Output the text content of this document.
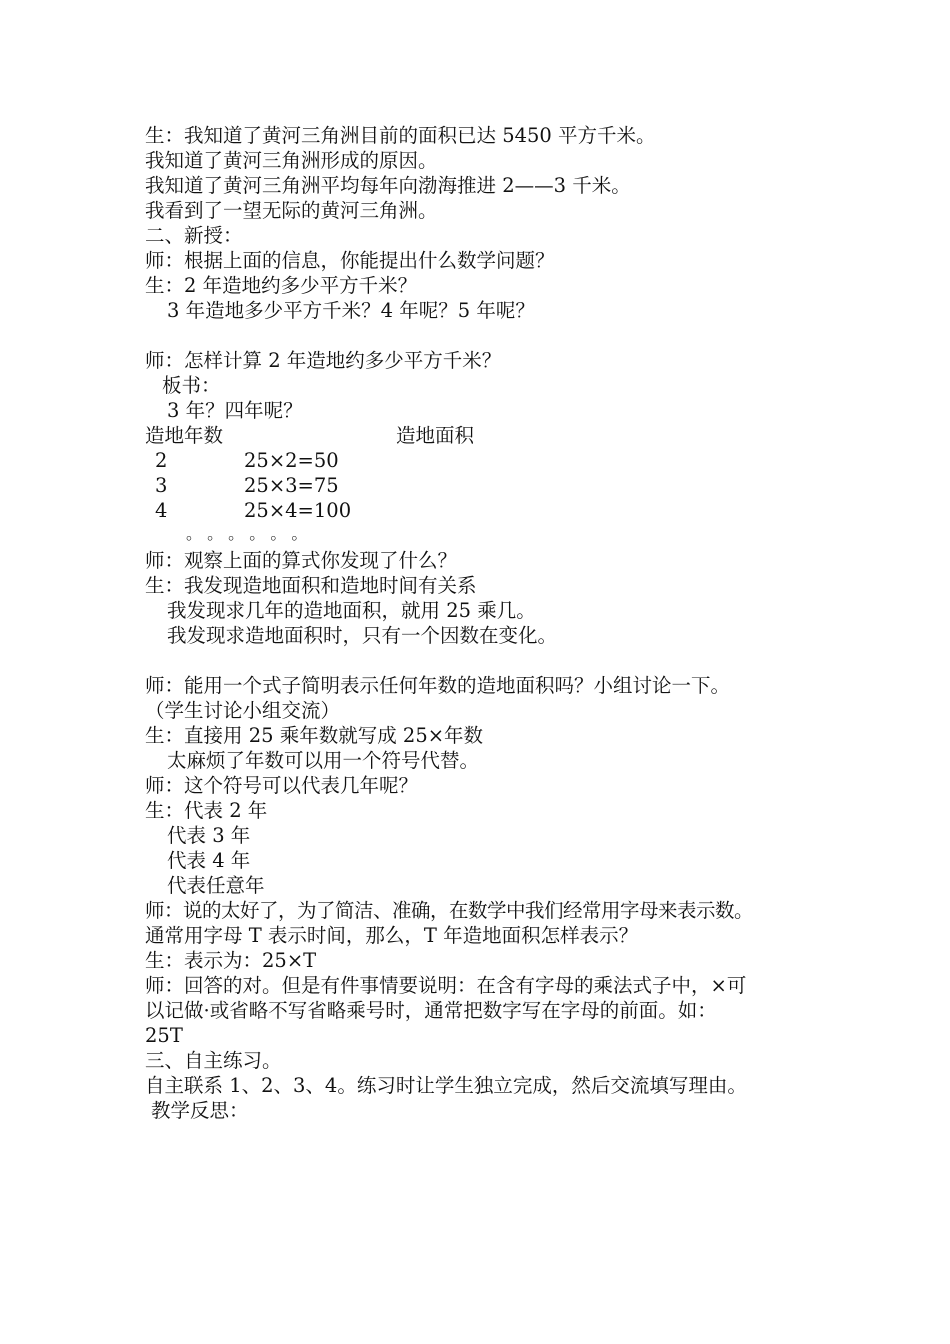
生：我知道了黄河三角洲目前的面积已达 5450 平方千米。
我知道了黄河三角洲形成的原因。
我知道了黄河三角洲平均每年向渤海推进 2——3 千米。
我看到了一望无际的黄河三角洲。
二、新授：
师：根据上面的信息，你能提出什么数学问题？
生：2 年造地约多少平方千米？
3 年造地多少平方千米？4 年呢？5 年呢？
师：怎样计算 2 年造地约多少平方千米？
板书：
3 年？四年呢？
造地年数	造地面积
2	25×2=50
3	25×3=75
4	25×4=100
。 。 。 。 。 。
师：观察上面的算式你发现了什么？
生：我发现造地面积和造地时间有关系
我发现求几年的造地面积，就用 25 乘几。
我发现求造地面积时，只有一个因数在变化。
师：能用一个式子简明表示任何年数的造地面积吗？小组讨论一下。
（学生讨论小组交流）
生：直接用 25 乘年数就写成 25×年数
太麻烦了年数可以用一个符号代替。
师：这个符号可以代表几年呢？
生：代表 2 年
代表 3 年
代表 4 年
代表任意年
师：说的太好了，为了简洁、准确，在数学中我们经常用字母来表示数。
通常用字母 T 表示时间，那么，T 年造地面积怎样表示？
生：表示为：25×T
师：回答的对。但是有件事情要说明：在含有字母的乘法式子中，×可
以记做·或省略不写省略乘号时，通常把数字写在字母的前面。如：
25T
三、自主练习。
自主联系 1、2、3、4。练习时让学生独立完成，然后交流填写理由。
教学反思：
